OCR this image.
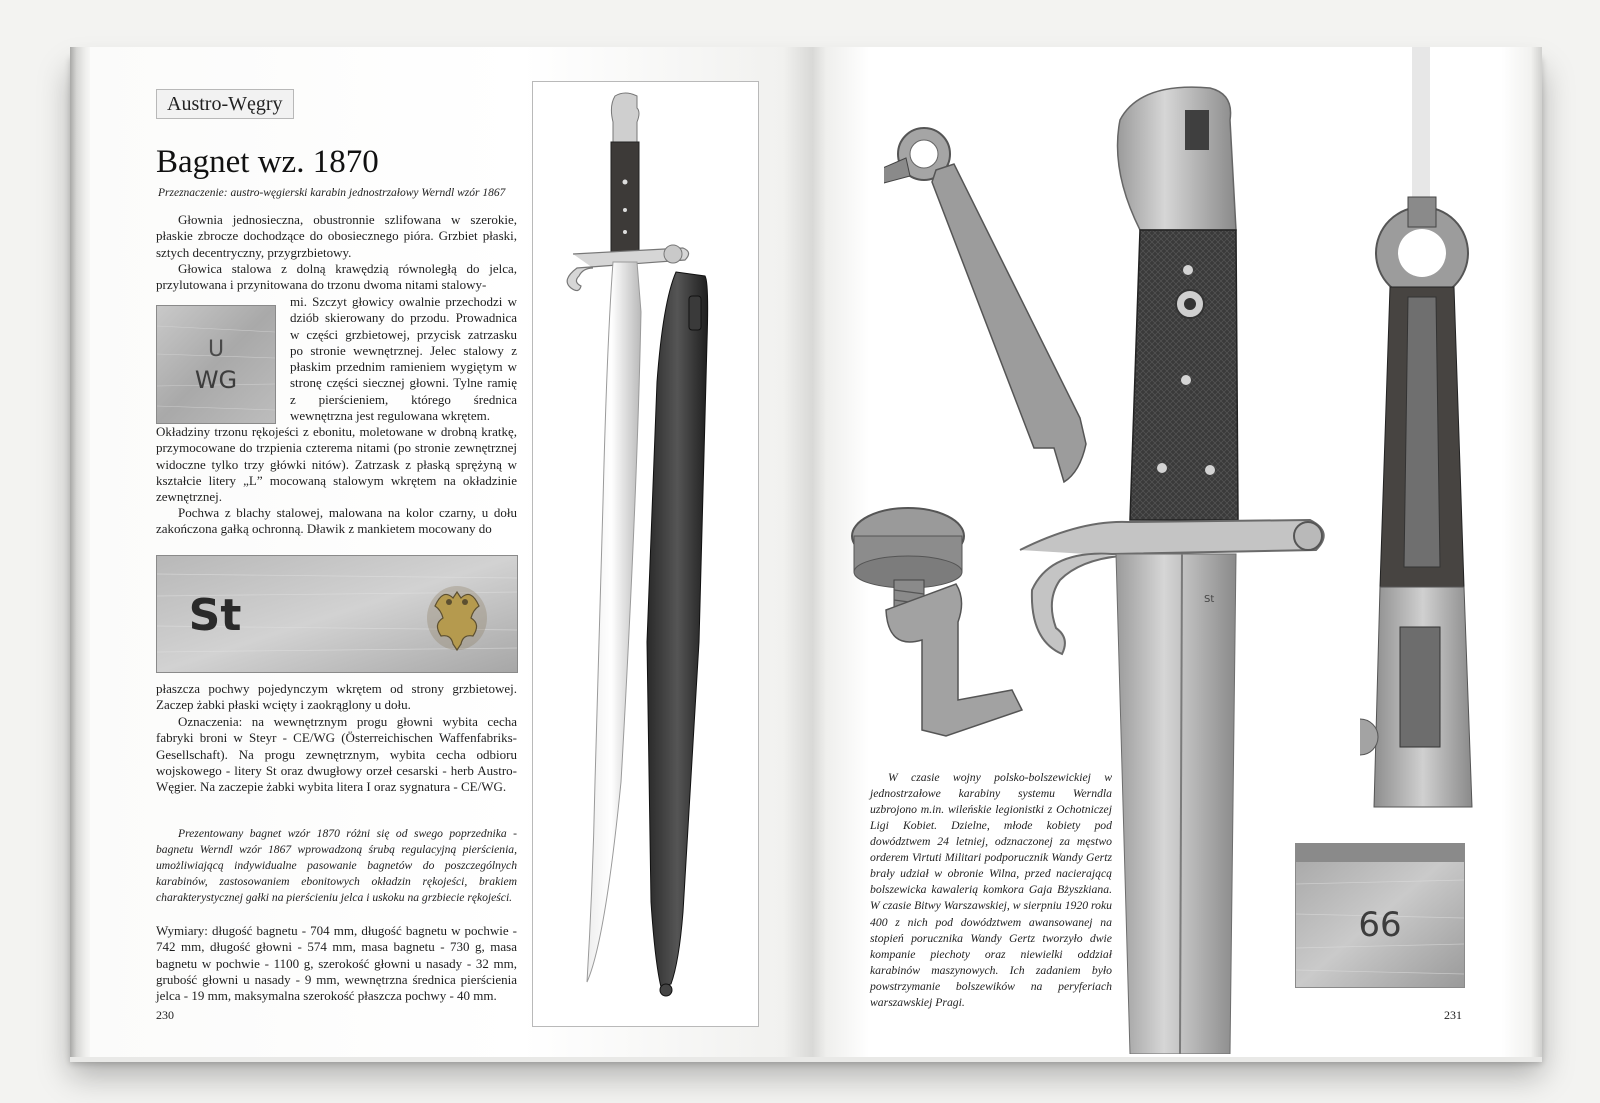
Austro-Węgry
Bagnet wz. 1870
Przeznaczenie: austro-węgierski karabin jednostrzałowy Werndl wzór 1867

Głownia jednosieczna, obustronnie szlifowana w szerokie, płaskie zbrocze dochodzące do obosiecznego pióra. Grzbiet płaski, sztych decentryczny, przygrzbietowy.

Głowica stalowa z dolną krawędzią równoległą do jelca, przylutowana i przynitowana do trzonu dwoma nitami stalowy-

mi. Szczyt głowicy owalnie przechodzi w dziób skierowany do przodu. Prowadnica w części grzbietowej, przycisk zatrzasku po stronie wewnętrznej. Jelec stalowy z płaskim przednim ramieniem wygiętym w stronę części siecznej głowni. Tylne ramię z pierścieniem, którego średnica wewnętrzna jest regulowana wkrętem.

Okładziny trzonu rękojeści z ebonitu, moletowane w drobną kratkę, przymocowane do trzpienia czterema nitami (po stronie zewnętrznej widoczne tylko trzy główki nitów). Zatrzask z płaską sprężyną w kształcie litery „L” mocowaną stalowym wkrętem na okładzinie zewnętrznej.

Pochwa z blachy stalowej, malowana na kolor czarny, u dołu zakończona gałką ochronną. Dławik z mankietem mocowany do

U
WG
St

płaszcza pochwy pojedynczym wkrętem od strony grzbietowej. Zaczep żabki płaski wcięty i zaokrąglony u dołu.

Oznaczenia: na wewnętrznym progu głowni wybita cecha fabryki broni w Steyr - CE/WG (Österreichischen Waffenfabriks-Gesellschaft). Na progu zewnętrznym, wybita cecha odbioru wojskowego - litery St oraz dwugłowy orzeł cesarski - herb Austro-Węgier. Na zaczepie żabki wybita litera I oraz sygnatura - CE/WG.

Prezentowany bagnet wzór 1870 różni się od swego poprzednika - bagnetu Werndl wzór 1867 wprowadzoną śrubą regulacyjną pierścienia, umożliwiającą indywidualne pasowanie bagnetów do poszczególnych karabinów, zastosowaniem ebonitowych okładzin rękojeści, brakiem charakterystycznej gałki na pierścieniu jelca i uskoku na grzbiecie rękojeści.

Wymiary: długość bagnetu - 704 mm, długość bagnetu w pochwie - 742 mm, długość głowni - 574 mm, masa bagnetu - 730 g, masa bagnetu w pochwie - 1100 g, szerokość głowni u nasady - 32 mm, grubość głowni u nasady - 9 mm, wewnętrzna średnica pierścienia jelca - 19 mm, maksymalna szerokość płaszcza pochwy - 40 mm.

230
St
66

W czasie wojny polsko-bolszewickiej w jednostrzałowe karabiny systemu Werndla uzbrojono m.in. wileńskie legionistki z Ochotniczej Ligi Kobiet. Dzielne, młode kobiety pod dowództwem 24 letniej, odznaczonej za męstwo orderem Virtuti Militari podporucznik Wandy Gertz brały udział w obronie Wilna, przed nacierającą bolszewicka kawalerią komkora Gaja Bżyszkiana. W czasie Bitwy Warszawskiej, w sierpniu 1920 roku 400 z nich pod dowództwem awansowanej na stopień porucznika Wandy Gertz tworzyło dwie kompanie piechoty oraz niewielki oddział karabinów maszynowych. Ich zadaniem było powstrzymanie bolszewików na peryferiach warszawskiej Pragi.

231
